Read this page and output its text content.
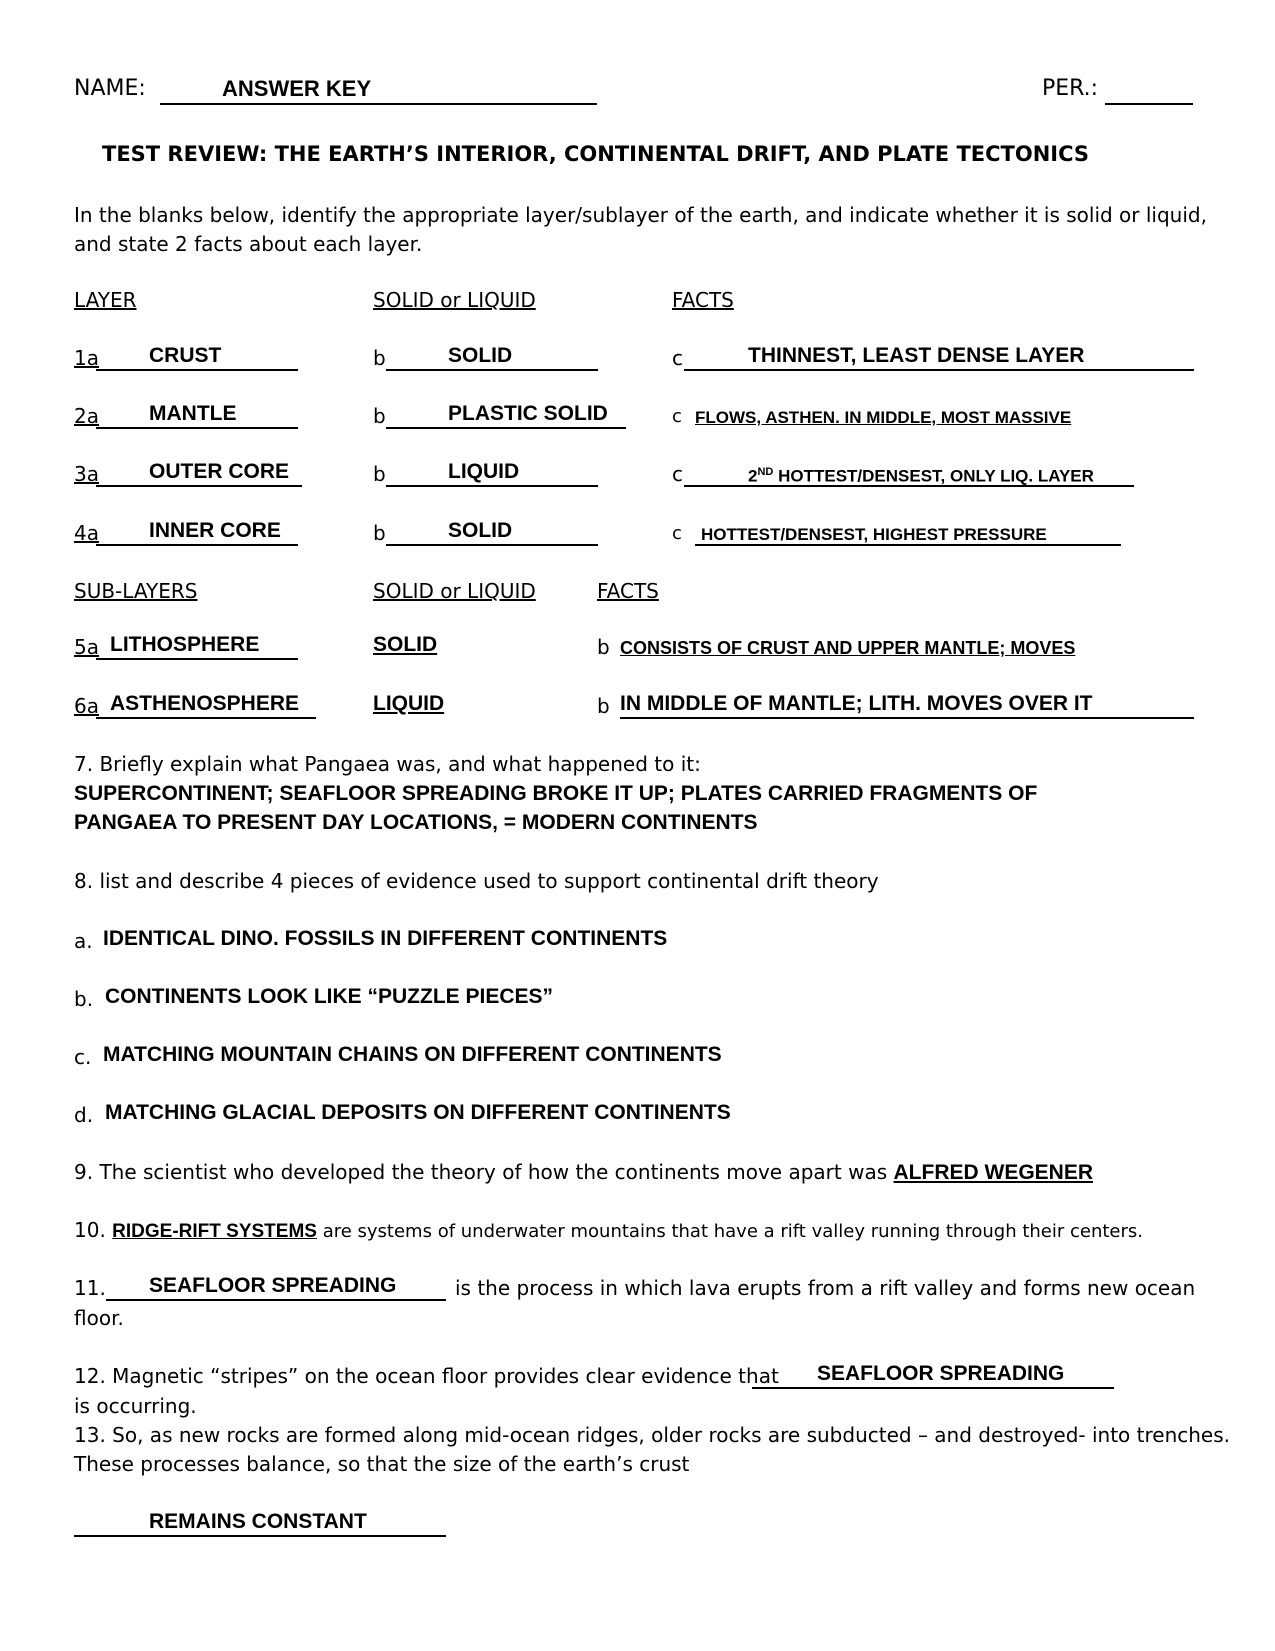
NAME:	ANSWER KEY	PER.:
TEST REVIEW: THE EARTH’S INTERIOR, CONTINENTAL DRIFT, AND PLATE TECTONICS
In the blanks below, identify the appropriate layer/sublayer of the earth, and indicate whether it is solid or liquid,
and state 2 facts about each layer.
LAYER	SOLID or LIQUID	FACTS
1a CRUST	b	SOLID	c	THINNEST, LEAST DENSE LAYER
2a MANTLE	b	PLASTIC SOLID	c FLOWS, ASTHEN. IN MIDDLE, MOST MASSIVE
3a OUTER CORE	b	LIQUID	c	2ND HOTTEST/DENSEST, ONLY LIQ. LAYER
4a INNER CORE	b	SOLID	c HOTTEST/DENSEST, HIGHEST PRESSURE
SUB-LAYERS	SOLID or LIQUID	FACTS
5a LITHOSPHERE	SOLID	b CONSISTS OF CRUST AND UPPER MANTLE; MOVES
6a ASTHENOSPHERE	LIQUID	b IN MIDDLE OF MANTLE; LITH. MOVES OVER IT
7. Briefly explain what Pangaea was, and what happened to it:
SUPERCONTINENT; SEAFLOOR SPREADING BROKE IT UP; PLATES CARRIED FRAGMENTS OF
PANGAEA TO PRESENT DAY LOCATIONS, = MODERN CONTINENTS
8. list and describe 4 pieces of evidence used to support continental drift theory
a. IDENTICAL DINO. FOSSILS IN DIFFERENT CONTINENTS
b. CONTINENTS LOOK LIKE “PUZZLE PIECES”
c. MATCHING MOUNTAIN CHAINS ON DIFFERENT CONTINENTS
d. MATCHING GLACIAL DEPOSITS ON DIFFERENT CONTINENTS
9. The scientist who developed the theory of how the continents move apart was ALFRED WEGENER
10. RIDGE-RIFT SYSTEMS are systems of underwater mountains that have a rift valley running through their centers.
11. SEAFLOOR SPREADING	is the process in which lava erupts from a rift valley and forms new ocean
floor.
12. Magnetic “stripes” on the ocean floor provides clear evidence that SEAFLOOR SPREADING
is occurring.
13. So, as new rocks are formed along mid-ocean ridges, older rocks are subducted – and destroyed- into trenches.
These processes balance, so that the size of the earth’s crust
REMAINS CONSTANT
